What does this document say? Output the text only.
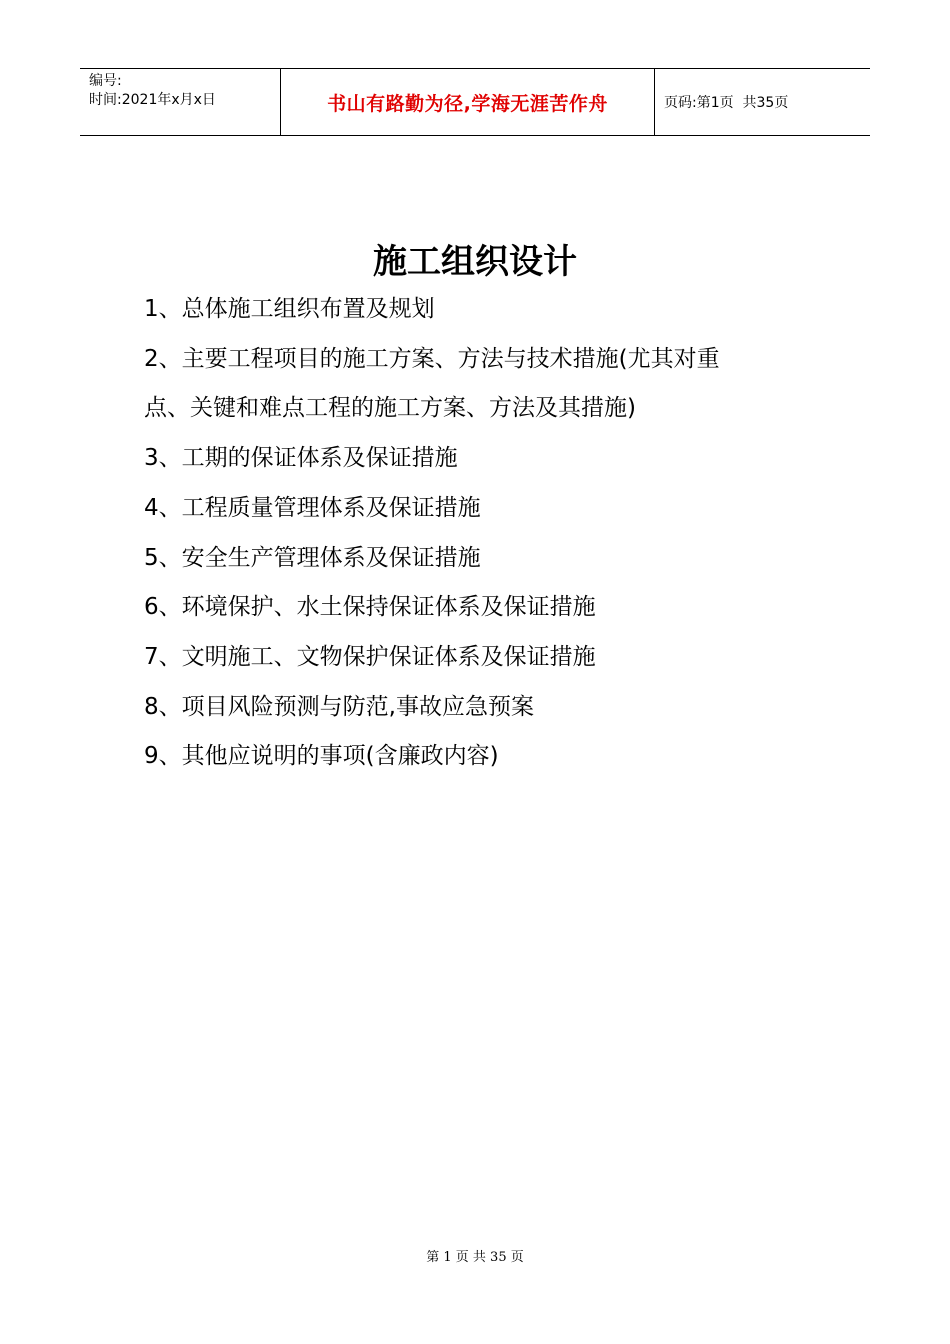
编号:
时间:2021年x月x日	书山有路勤为径,学海无涯苦作舟	页码:第1页  共35页
施工组织设计
1、总体施工组织布置及规划
2、主要工程项目的施工方案、方法与技术措施(尤其对重
点、关键和难点工程的施工方案、方法及其措施)
3、工期的保证体系及保证措施
4、工程质量管理体系及保证措施
5、安全生产管理体系及保证措施
6、环境保护、水土保持保证体系及保证措施
7、文明施工、文物保护保证体系及保证措施
8、项目风险预测与防范,事故应急预案
9、其他应说明的事项(含廉政内容)
第 1 页 共 35 页
